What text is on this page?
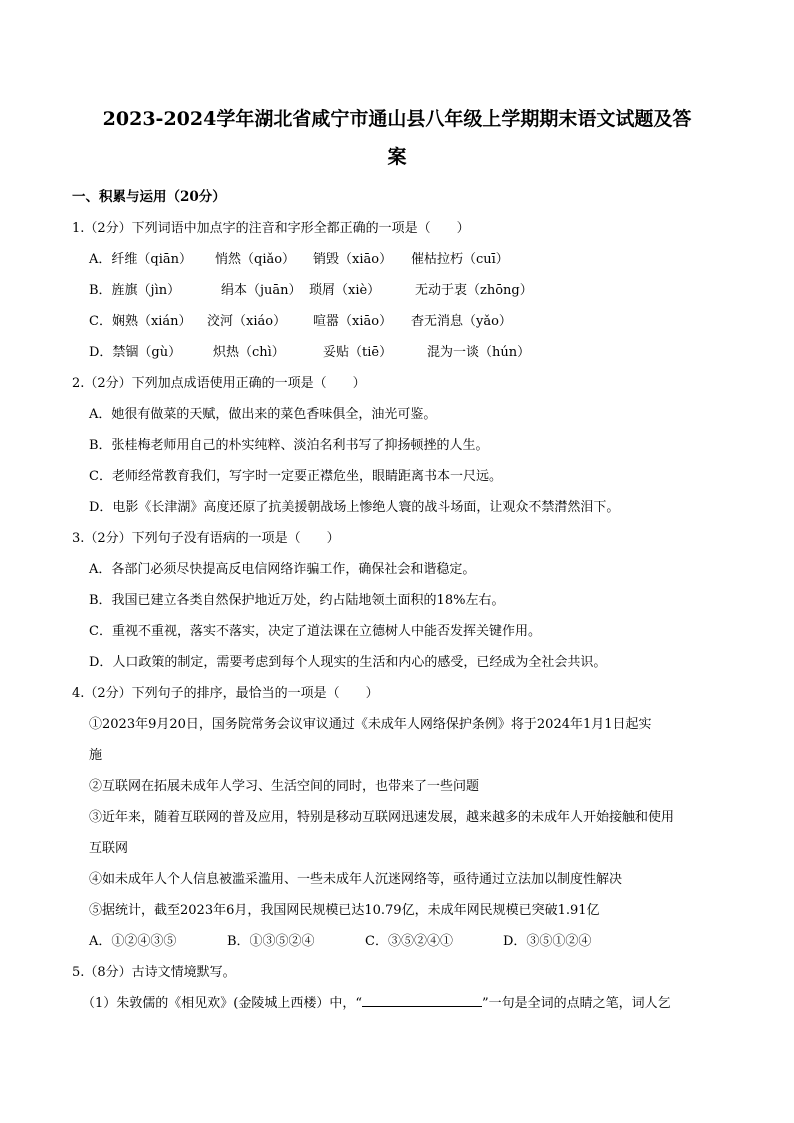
2023-2024学年湖北省咸宁市通山县八年级上学期期末语文试题及答
案
一、积累与运用（20分）
1.（2分）下列词语中加点字的注音和字形全都正确的一项是（　　）
A．纤维（qiān） 悄然（qiǎo） 销毁（xiāo） 催枯拉朽（cuī）
B．旌旗（jìn）	绢本（juān） 琐屑（xiè）	无动于衷（zhōng）
C．娴熟（xián） 洨河（xiáo） 喧嚣（xiāo） 杳无消息（yǎo）
D．禁锢（gù） 炽热（chì）	妥贴（tiē）	混为一谈（hún）
2.（2分）下列加点成语使用正确的一项是（　　）
A．她很有做菜的天赋，做出来的菜色香味俱全，油光可鉴。
B．张桂梅老师用自己的朴实纯粹、淡泊名利书写了抑扬顿挫的人生。
C．老师经常教育我们，写字时一定要正襟危坐，眼睛距离书本一尺远。
D．电影《长津湖》高度还原了抗美援朝战场上惨绝人寰的战斗场面，让观众不禁潸然泪下。
3.（2分）下列句子没有语病的一项是（　　）
A．各部门必须尽快提高反电信网络诈骗工作，确保社会和谐稳定。
B．我国已建立各类自然保护地近万处，约占陆地领土面积的18%左右。
C．重视不重视，落实不落实，决定了道法课在立德树人中能否发挥关键作用。
D．人口政策的制定，需要考虑到每个人现实的生活和内心的感受，已经成为全社会共识。
4.（2分）下列句子的排序，最恰当的一项是（　　）
①2023年9月20日，国务院常务会议审议通过《未成年人网络保护条例》将于2024年1月1日起实
施
②互联网在拓展未成年人学习、生活空间的同时，也带来了一些问题
③近年来，随着互联网的普及应用，特别是移动互联网迅速发展，越来越多的未成年人开始接触和使用
互联网
④如未成年人个人信息被滥采滥用、一些未成年人沉迷网络等，亟待通过立法加以制度性解决
⑤据统计，截至2023年6月，我国网民规模已达10.79亿，未成年网民规模已突破1.91亿
A．①②④③⑤	B．①③⑤②④	C．③⑤②④①	D．③⑤①②④
5.（8分）古诗文情境默写。
（1）朱敦儒的《相见欢》(金陵城上西楼）中，“	”一句是全词的点睛之笔，词人乞
